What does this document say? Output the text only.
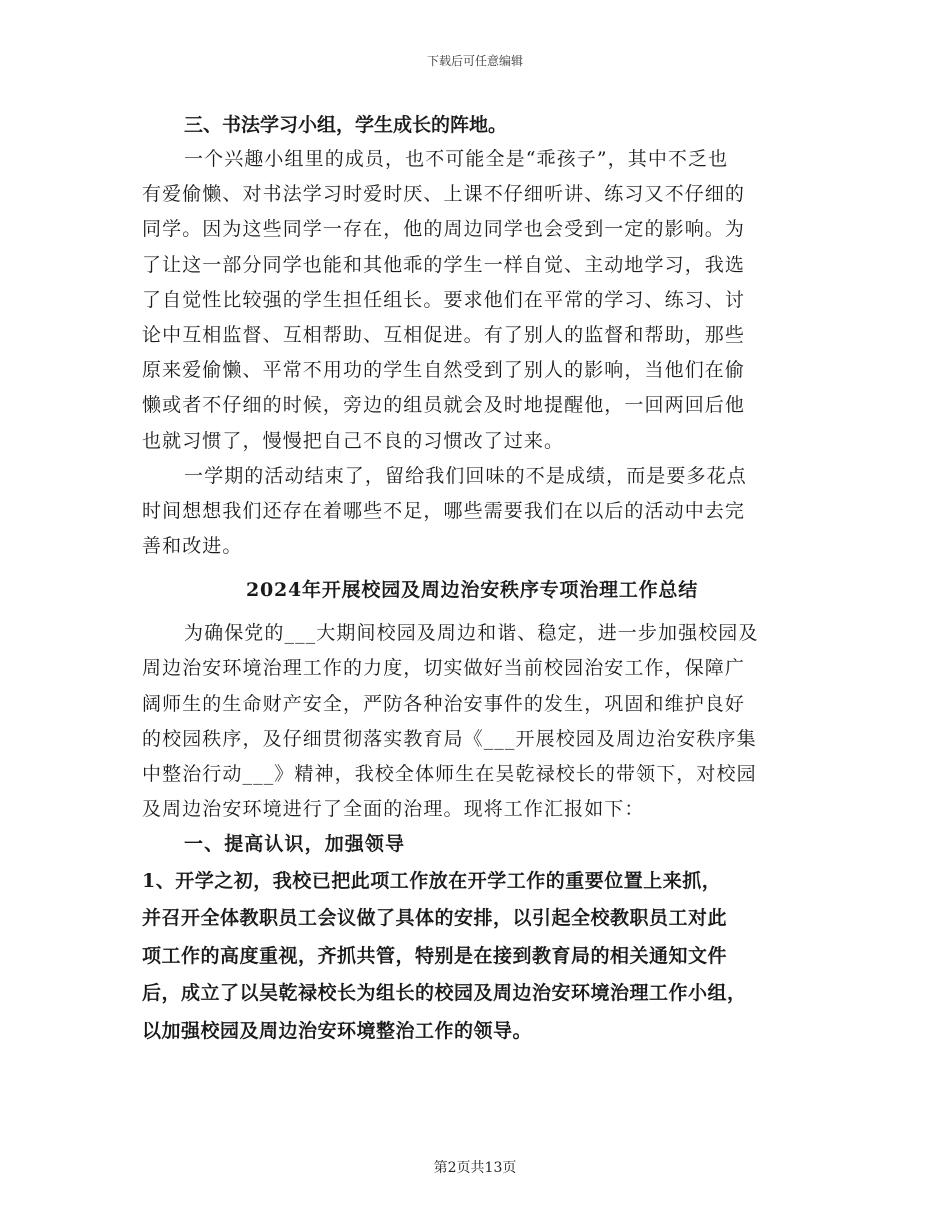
下载后可任意编辑
三、书法学习小组，学生成长的阵地。
一个兴趣小组里的成员，也不可能全是“乖孩子”，其中不乏也
有爱偷懒、对书法学习时爱时厌、上课不仔细听讲、练习又不仔细的
同学。因为这些同学一存在，他的周边同学也会受到一定的影响。为
了让这一部分同学也能和其他乖的学生一样自觉、主动地学习，我选
了自觉性比较强的学生担任组长。要求他们在平常的学习、练习、讨
论中互相监督、互相帮助、互相促进。有了别人的监督和帮助，那些
原来爱偷懒、平常不用功的学生自然受到了别人的影响，当他们在偷
懒或者不仔细的时候，旁边的组员就会及时地提醒他，一回两回后他
也就习惯了，慢慢把自己不良的习惯改了过来。
一学期的活动结束了，留给我们回味的不是成绩，而是要多花点
时间想想我们还存在着哪些不足，哪些需要我们在以后的活动中去完
善和改进。
2024年开展校园及周边治安秩序专项治理工作总结
为确保党的___大期间校园及周边和谐、稳定，进一步加强校园及
周边治安环境治理工作的力度，切实做好当前校园治安工作，保障广
阔师生的生命财产安全，严防各种治安事件的发生，巩固和维护良好
的校园秩序，及仔细贯彻落实教育局《___开展校园及周边治安秩序集
中整治行动___》精神，我校全体师生在吴乾禄校长的带领下，对校园
及周边治安环境进行了全面的治理。现将工作汇报如下：
一、提高认识，加强领导
1、开学之初，我校已把此项工作放在开学工作的重要位置上来抓，
并召开全体教职员工会议做了具体的安排，以引起全校教职员工对此
项工作的高度重视，齐抓共管，特别是在接到教育局的相关通知文件
后，成立了以吴乾禄校长为组长的校园及周边治安环境治理工作小组，
以加强校园及周边治安环境整治工作的领导。
第2页共13页
